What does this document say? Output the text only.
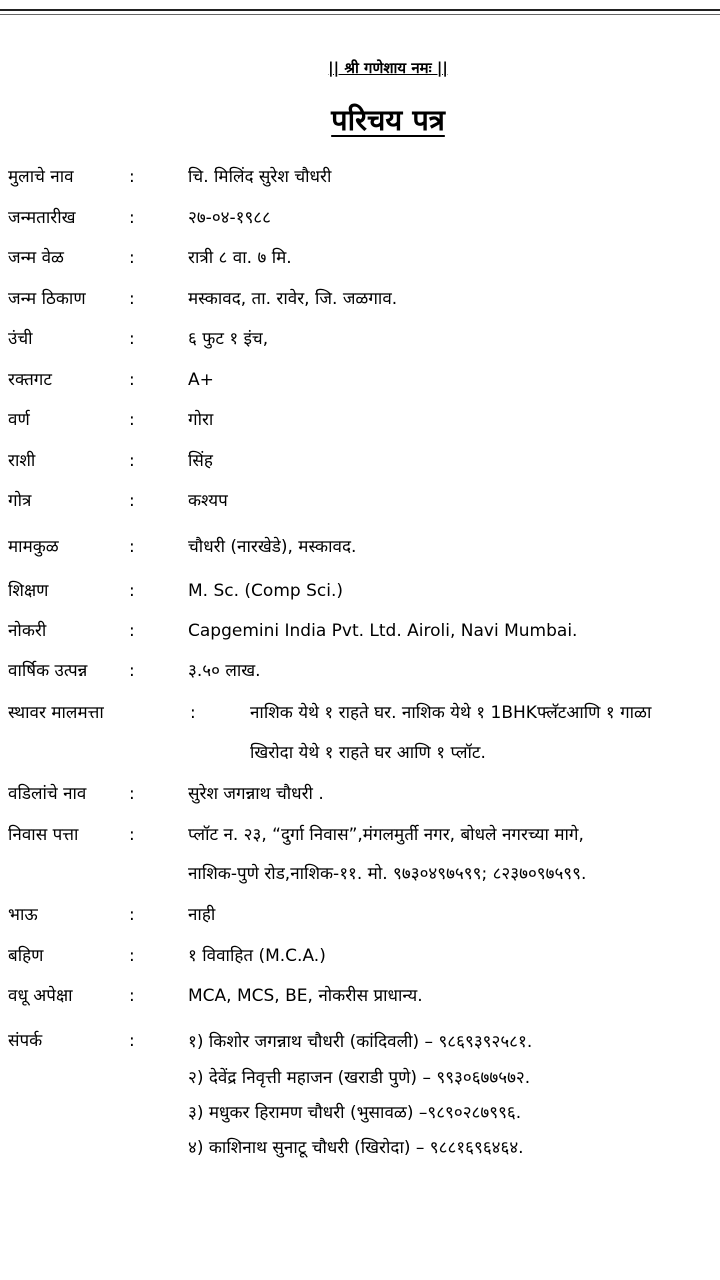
|| श्री गणेशाय नमः ||
परिचय पत्र
मुलाचे नाव	:	चि. मिलिंद सुरेश चौधरी
जन्मतारीख	:	२७-०४-१९८८
जन्म वेळ	:	रात्री ८ वा. ७ मि.
जन्म ठिकाण	:	मस्कावद, ता. रावेर, जि. जळगाव.
उंची	:	६ फुट १ इंच,
रक्तगट	:	A+
वर्ण	:	गोरा
राशी	:	सिंह
गोत्र	:	कश्यप
मामकुळ	:	चौधरी (नारखेडे), मस्कावद.
शिक्षण	:	M. Sc. (Comp Sci.)
नोकरी	:	Capgemini India Pvt. Ltd. Airoli, Navi Mumbai.
वार्षिक उत्पन्न :	३.५० लाख.
स्थावर मालमत्ता	:	नाशिक येथे १ राहते घर. नाशिक येथे १ 1BHKफ्लॅटआणि १ गाळा
खिरोदा येथे १ राहते घर आणि १ प्लॉट.
वडिलांचे नाव	:	सुरेश जगन्नाथ चौधरी .
निवास पत्ता	:	प्लॉट न. २३, “दुर्गा निवास”,मंगलमुर्ती नगर, बोधले नगरच्या मागे,
नाशिक-पुणे रोड,नाशिक-११. मो. ९७३०४९७५९९; ८२३७०९७५९९.
भाऊ	:	नाही
बहिण	:	१ विवाहित (M.C.A.)
वधू अपेक्षा	:	MCA, MCS, BE, नोकरीस प्राधान्य.
संपर्क	:	१) किशोर जगन्नाथ चौधरी (कांदिवली) – ९८६९३९२५८१.
२) देवेंद्र निवृत्ती महाजन (खराडी पुणे) – ९९३०६७७५७२.
३) मधुकर हिरामण चौधरी (भुसावळ) –९८९०२८७९९६.
४) काशिनाथ सुनाटू चौधरी (खिरोदा) – ९८८१६९६४६४.
